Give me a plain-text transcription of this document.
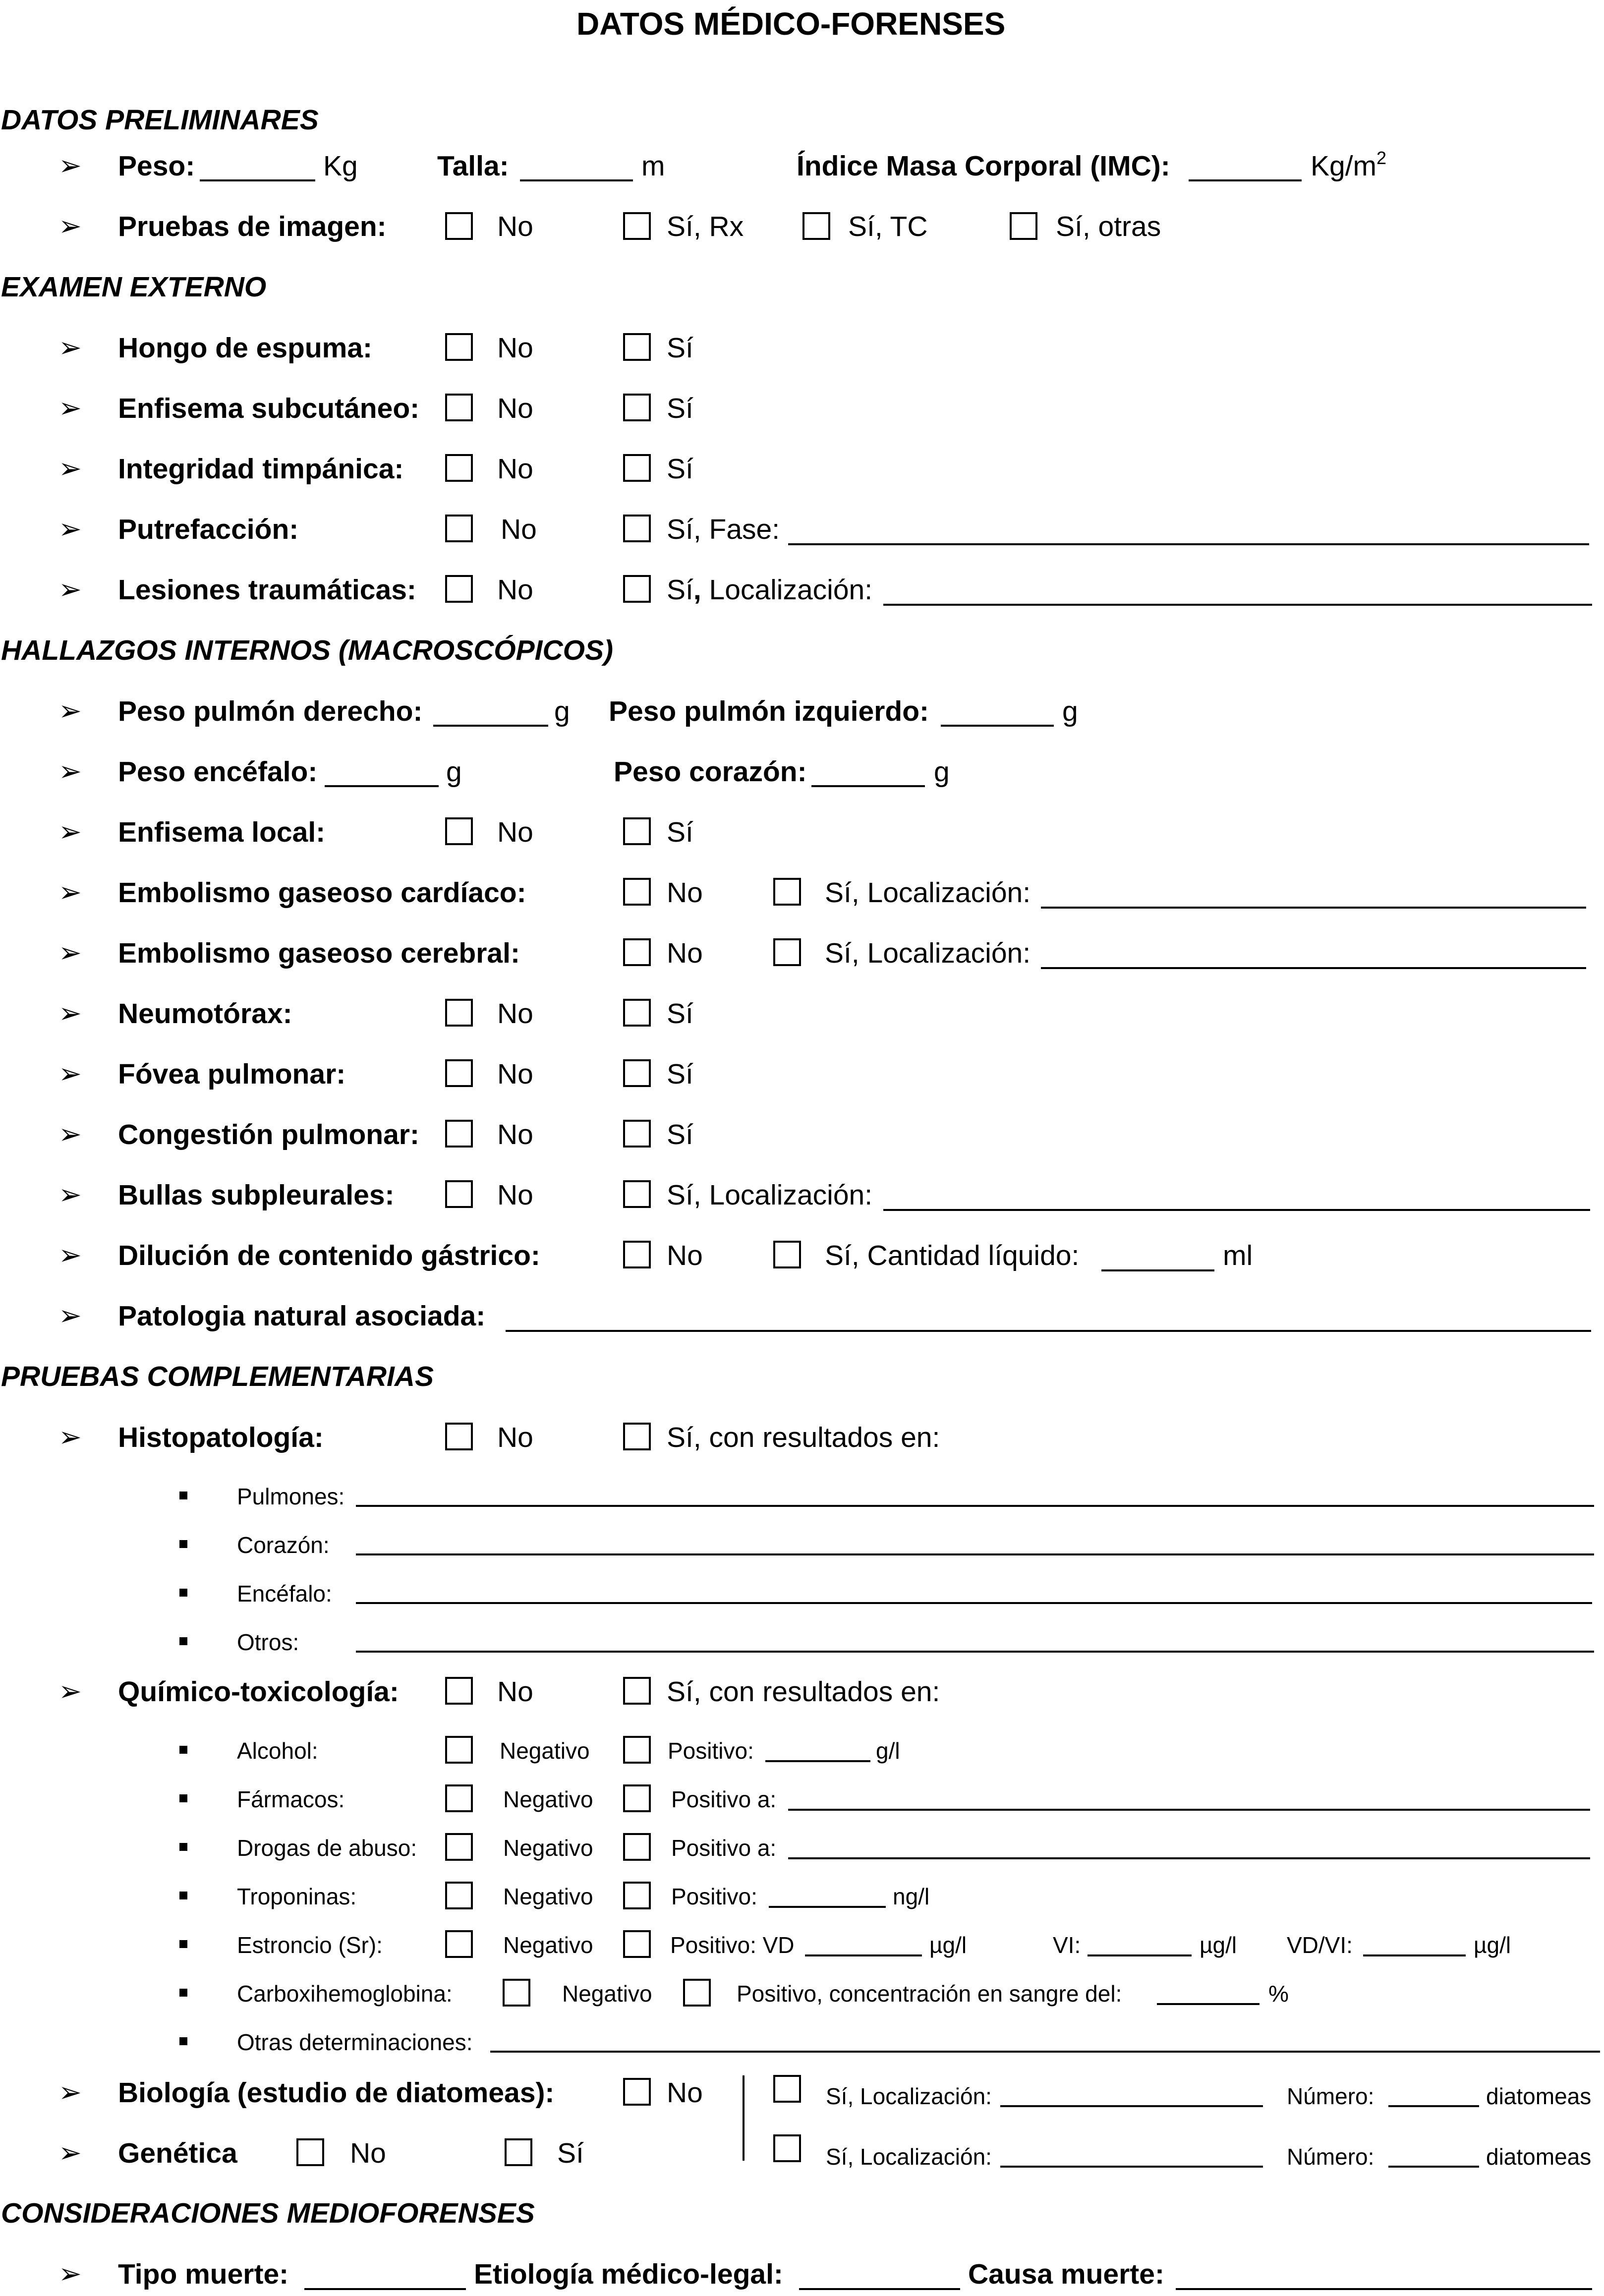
DATOS MÉDICO-FORENSES
DATOS PRELIMINARES
➢ Peso:	Kg	Talla:	m	Índice Masa Corporal (IMC):	$Kg/m^2$
➢ Pruebas de imagen:	No	Sí, Rx	Sí, TC	Sí, otras
EXAMEN EXTERNO
➢ Hongo de espuma:	No	Sí
➢ Enfisema subcutáneo:	No	Sí
➢ Integridad timpánica:	No	Sí
➢ Putrefacción:	No	Sí, Fase:
➢ Lesiones traumáticas:	No	Sí, Localización:
HALLAZGOS INTERNOS (MACROSCÓPICOS)
➢ Peso pulmón derecho:	g Peso pulmón izquierdo:	g
➢ Peso encéfalo:	g	Peso corazón:	g
➢ Enfisema local:	No	Sí
➢ Embolismo gaseoso cardíaco:	No	Sí, Localización:
➢ Embolismo gaseoso cerebral:	No	Sí, Localización:
➢ Neumotórax:	No	Sí
➢ Fóvea pulmonar:	No	Sí
➢ Congestión pulmonar:	No	Sí
➢ Bullas subpleurales:	No	Sí, Localización:
➢ Dilución de contenido gástrico:	No	Sí, Cantidad líquido:	ml
➢ Patologia natural asociada:
PRUEBAS COMPLEMENTARIAS
➢ Histopatología:	No	Sí, con resultados en:
Pulmones:
Corazón:
Encéfalo:
Otros:
➢ Químico-toxicología:	No	Sí, con resultados en:
Alcohol:	Negativo	Positivo:	g/l
Fármacos:	Negativo	Positivo a:
Drogas de abuso:	Negativo	Positivo a:
Troponinas:	Negativo	Positivo:	ng/l
Estroncio (Sr):	Negativo	Positivo: VD	µg/l	VI:	µg/l VD/VI:	µg/l
Carboxihemoglobina:	Negativo	Positivo, concentración en sangre del:	%
Otras determinaciones:
➢ Biología (estudio de diatomeas):	No	Sí, Localización:	Número:	diatomeas
➢ Genética	No	Sí	Sí, Localización:	Número:	diatomeas
CONSIDERACIONES MEDIOFORENSES
➢ Tipo muerte:	Etiología médico-legal:	Causa muerte:
